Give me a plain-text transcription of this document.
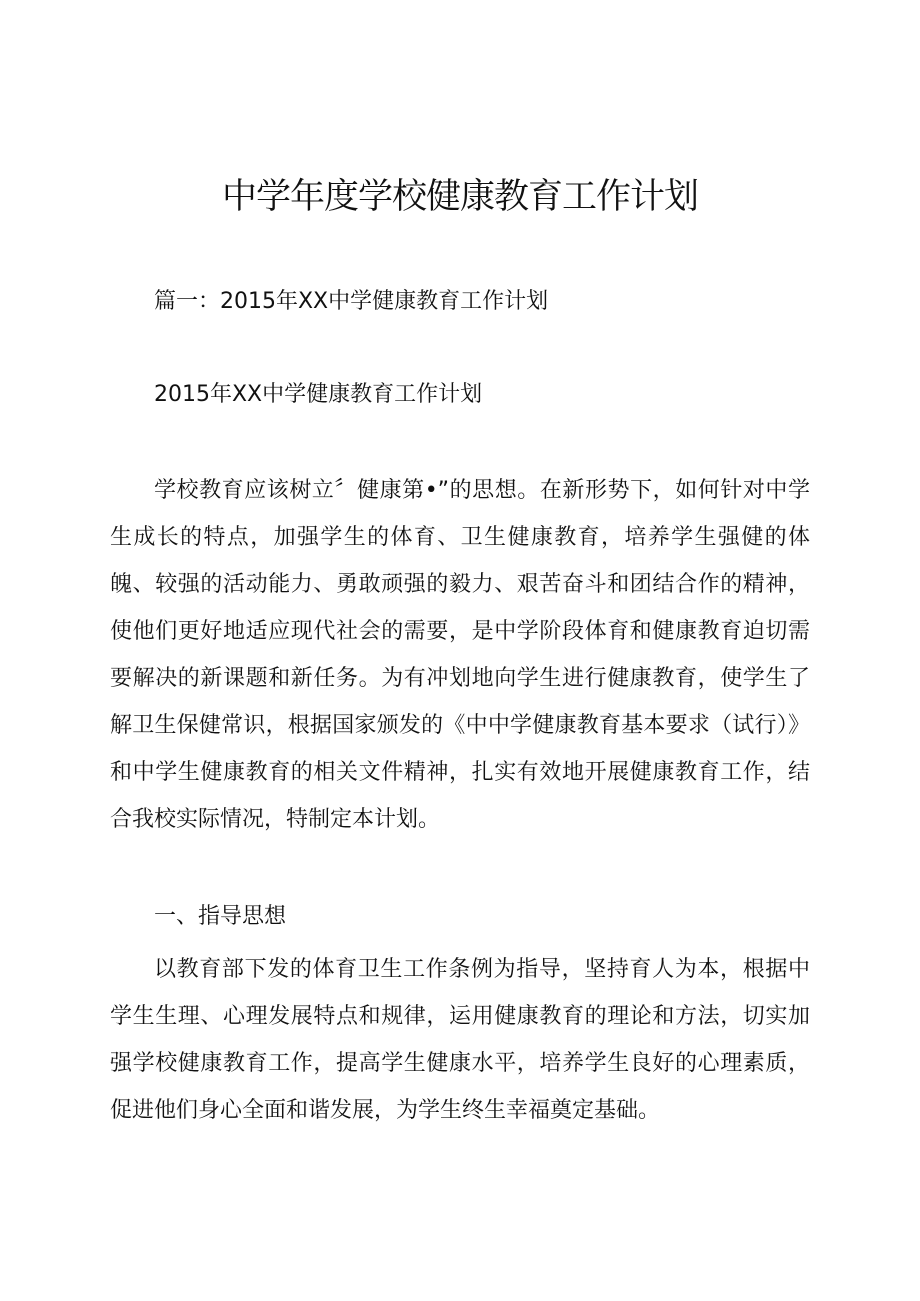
中学年度学校健康教育工作计划

篇一：2015年XX中学健康教育工作计划

2015年XX中学健康教育工作计划

学校教育应该树立〞健康第•”的思想。在新形势下，如何针对中学生成长的特点，加强学生的体育、卫生健康教育，培养学生强健的体魄、较强的活动能力、勇敢顽强的毅力、艰苦奋斗和团结合作的精神，使他们更好地适应现代社会的需要，是中学阶段体育和健康教育迫切需要解决的新课题和新任务。为有冲划地向学生进行健康教育，使学生了解卫生保健常识，根据国家颁发的《中中学健康教育基本要求（试行）》和中学生健康教育的相关文件精神，扎实有效地开展健康教育工作，结合我校实际情况，特制定本计划。

一、指导思想

以教育部下发的体育卫生工作条例为指导，坚持育人为本，根据中学生生理、心理发展特点和规律，运用健康教育的理论和方法，切实加强学校健康教育工作，提高学生健康水平，培养学生良好的心理素质，促进他们身心全面和谐发展，为学生终生幸福奠定基础。
